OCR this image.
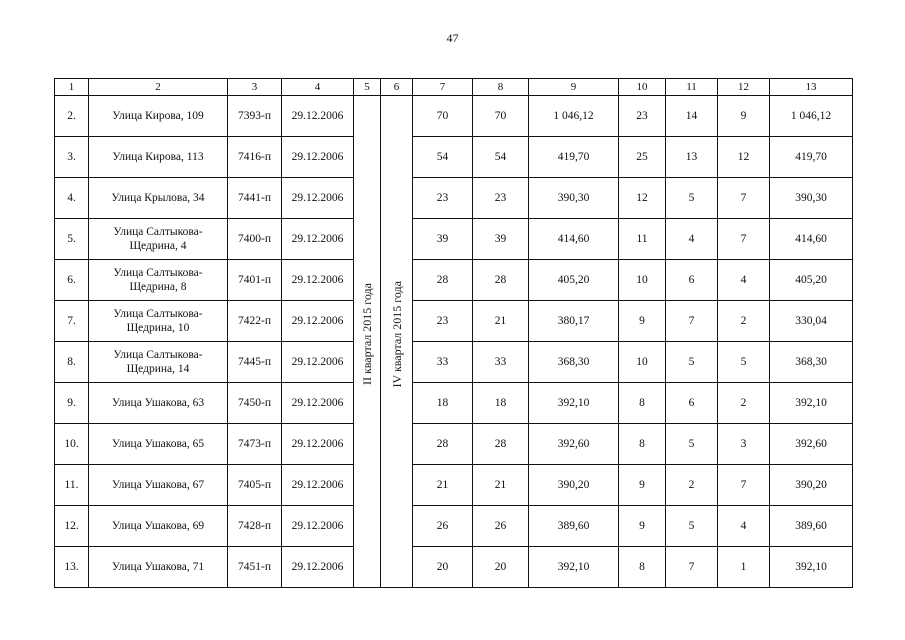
47
1	2	3	4	5	6	7	8	9	10	11	12	13
2.	Улица Кирова, 109	7393-п	29.12.2006	II квартал 2015 года	IV квартал 2015 года	70	70	1 046,12	23	14	9	1 046,12
3.	Улица Кирова, 113	7416-п	29.12.2006			54	54	419,70	25	13	12	419,70
4.	Улица Крылова, 34	7441-п	29.12.2006			23	23	390,30	12	5	7	390,30
5.	Улица Салтыкова-Щедрина, 4	7400-п	29.12.2006			39	39	414,60	11	4	7	414,60
6.	Улица Салтыкова-Щедрина, 8	7401-п	29.12.2006			28	28	405,20	10	6	4	405,20
7.	Улица Салтыкова-Щедрина, 10	7422-п	29.12.2006			23	21	380,17	9	7	2	330,04
8.	Улица Салтыкова-Щедрина, 14	7445-п	29.12.2006			33	33	368,30	10	5	5	368,30
9.	Улица Ушакова, 63	7450-п	29.12.2006			18	18	392,10	8	6	2	392,10
10.	Улица Ушакова, 65	7473-п	29.12.2006			28	28	392,60	8	5	3	392,60
11.	Улица Ушакова, 67	7405-п	29.12.2006			21	21	390,20	9	2	7	390,20
12.	Улица Ушакова, 69	7428-п	29.12.2006			26	26	389,60	9	5	4	389,60
13.	Улица Ушакова, 71	7451-п	29.12.2006			20	20	392,10	8	7	1	392,10
